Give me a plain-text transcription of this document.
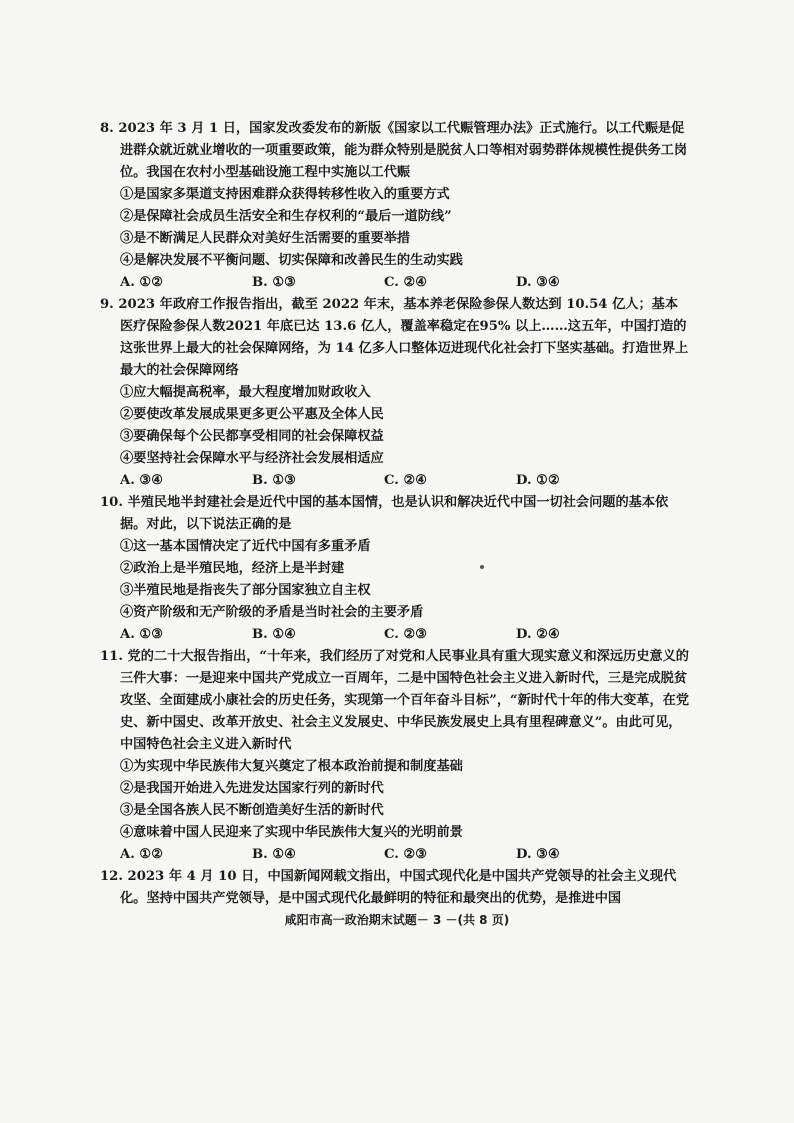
8. 2023 年 3 月 1 日，国家发改委发布的新版《国家以工代赈管理办法》正式施行。以工代赈是促进群众就近就业增收的一项重要政策，能为群众特别是脱贫人口等相对弱势群体规模性提供务工岗位。我国在农村小型基础设施工程中实施以工代赈

①是国家多渠道支持困难群众获得转移性收入的重要方式

②是保障社会成员生活安全和生存权利的“最后一道防线”

③是不断满足人民群众对美好生活需要的重要举措

④是解决发展不平衡问题、切实保障和改善民生的生动实践

A. ①②	B. ①③	C. ②④	D. ③④

9. 2023 年政府工作报告指出，截至 2022 年末，基本养老保险参保人数达到 10.54 亿人；基本医疗保险参保人数2021 年底已达 13.6 亿人，覆盖率稳定在95% 以上……这五年，中国打造的这张世界上最大的社会保障网络，为 14 亿多人口整体迈进现代化社会打下坚实基础。打造世界上最大的社会保障网络

①应大幅提高税率，最大程度增加财政收入

②要使改革发展成果更多更公平惠及全体人民

③要确保每个公民都享受相同的社会保障权益

④要坚持社会保障水平与经济社会发展相适应

A. ③④	B. ①③	C. ②④	D. ①②

10. 半殖民地半封建社会是近代中国的基本国情，也是认识和解决近代中国一切社会问题的基本依据。对此，以下说法正确的是

①这一基本国情决定了近代中国有多重矛盾

②政治上是半殖民地，经济上是半封建

③半殖民地是指丧失了部分国家独立自主权

④资产阶级和无产阶级的矛盾是当时社会的主要矛盾

A. ①③	B. ①④	C. ②③	D. ②④

11. 党的二十大报告指出，“十年来，我们经历了对党和人民事业具有重大现实意义和深远历史意义的三件大事：一是迎来中国共产党成立一百周年，二是中国特色社会主义进入新时代，三是完成脱贫攻坚、全面建成小康社会的历史任务，实现第一个百年奋斗目标”，“新时代十年的伟大变革，在党史、新中国史、改革开放史、社会主义发展史、中华民族发展史上具有里程碑意义”。由此可见，中国特色社会主义进入新时代

①为实现中华民族伟大复兴奠定了根本政治前提和制度基础

②是我国开始进入先进发达国家行列的新时代

③是全国各族人民不断创造美好生活的新时代

④意味着中国人民迎来了实现中华民族伟大复兴的光明前景

A. ①②	B. ①④	C. ②③	D. ③④

12. 2023 年 4 月 10 日，中国新闻网载文指出，中国式现代化是中国共产党领导的社会主义现代化。坚持中国共产党领导，是中国式现代化最鲜明的特征和最突出的优势，是推进中国

咸阳市高一政治期末试题－ 3 －(共 8 页)
